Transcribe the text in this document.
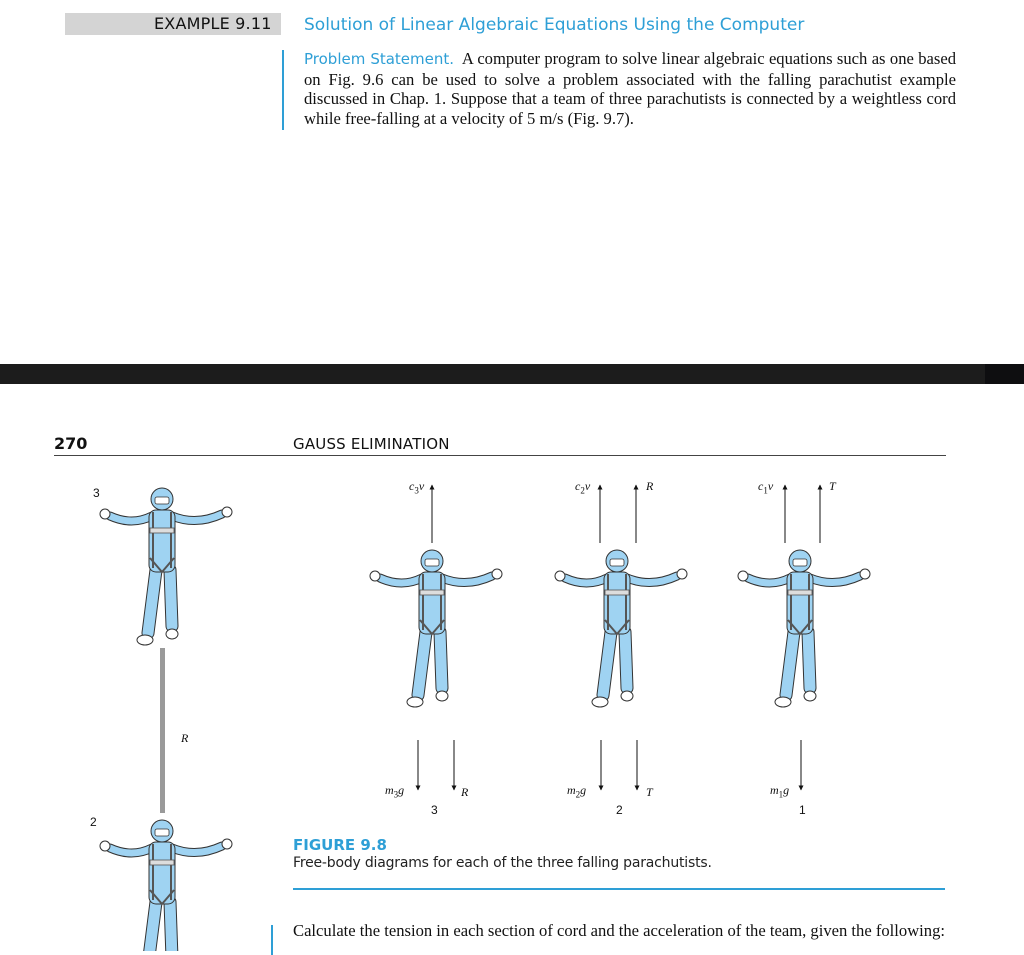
EXAMPLE 9.11 Solution of Linear Algebraic Equations Using the Computer
Problem Statement. A computer program to solve linear algebraic equations such as one based on Fig. 9.6 can be used to solve a problem associated with the falling parachutist example discussed in Chap. 1. Suppose that a team of three parachutists is connected by a weightless cord while free-falling at a velocity of 5 m/s (Fig. 9.7).
270	GAUSS ELIMINATION
3
R
2
$c_3v$
$m_3g$	R
3
$c_2v$	R
$m_2g$	T
2
$c_1v$	T
$m_1g$
1
FIGURE 9.8
Free-body diagrams for each of the three falling parachutists.
Calculate the tension in each section of cord and the acceleration of the team, given the following:
